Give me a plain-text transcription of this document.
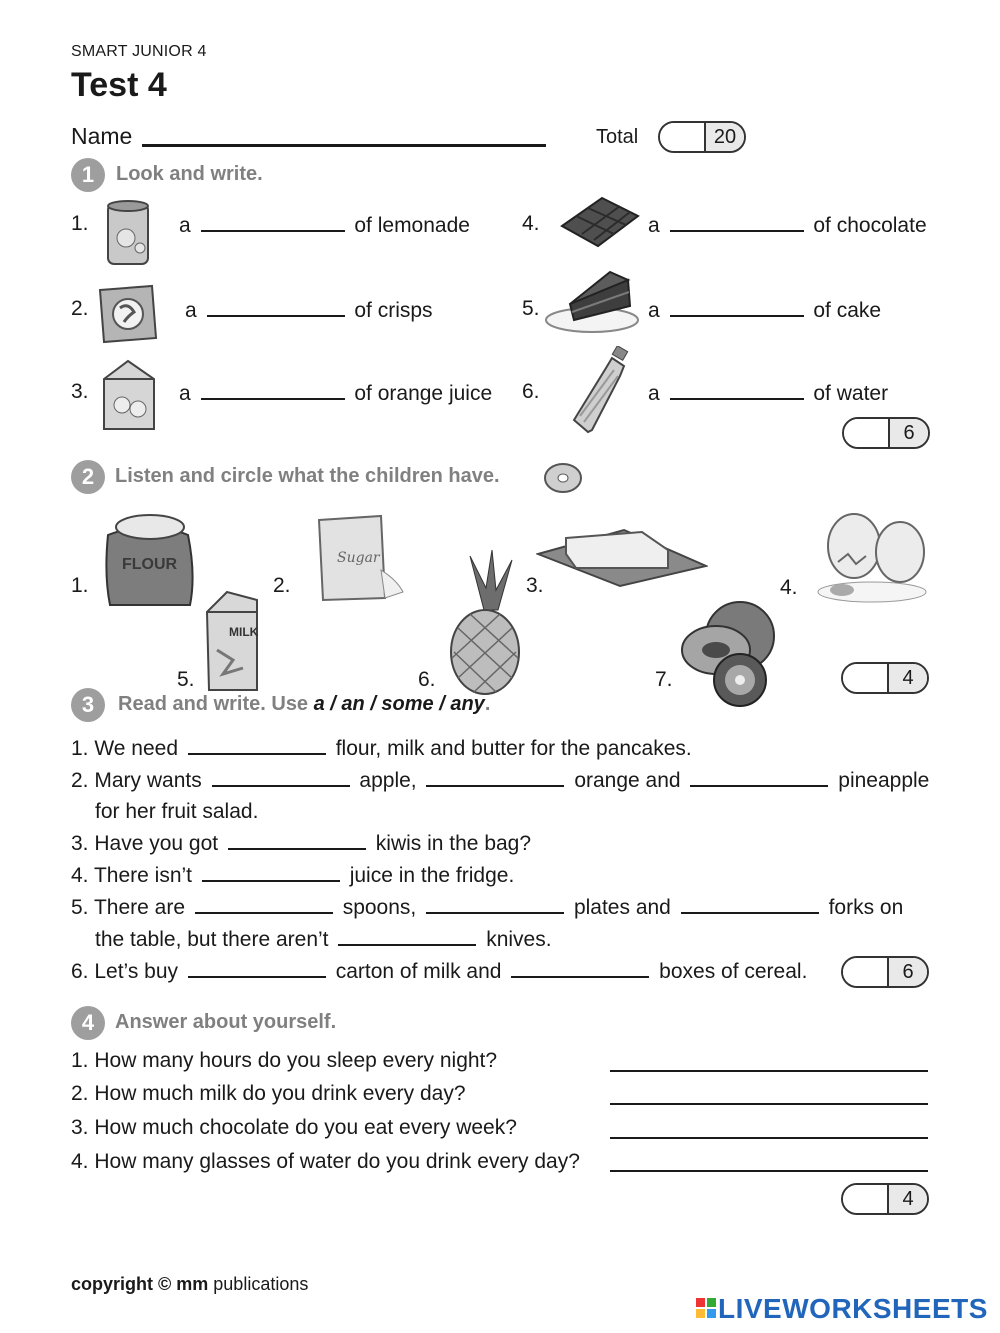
SMART JUNIOR 4
Test 4
Name	Total	20
1	Look and write.
1.	a	of lemonade
2.	a	of crisps
3.	a	of orange juice
4.	a	of chocolate
5.	a	of cake
6.	a	of water
6
2	Listen and circle what the children have.
1.
FLOUR
2.
Sugar
3.	4.
5.
MILK
6.	7.	4
3	Read and write. Use a / an / some / any.
1. We need	flour, milk and butter for the pancakes.
2. Mary wants	apple,	orange and	pineapple
for her fruit salad.
3. Have you got	kiwis in the bag?
4. There isn’t	juice in the fridge.
5. There are	spoons,	plates and	forks on
the table, but there aren’t	knives.
6. Let’s buy	carton of milk and	boxes of cereal.	6
4	Answer about yourself.
1. How many hours do you sleep every night?
2. How much milk do you drink every day?
3. How much chocolate do you eat every week?
4. How many glasses of water do you drink every day?
4
copyright © mm publications
LIVEWORKSHEETS
